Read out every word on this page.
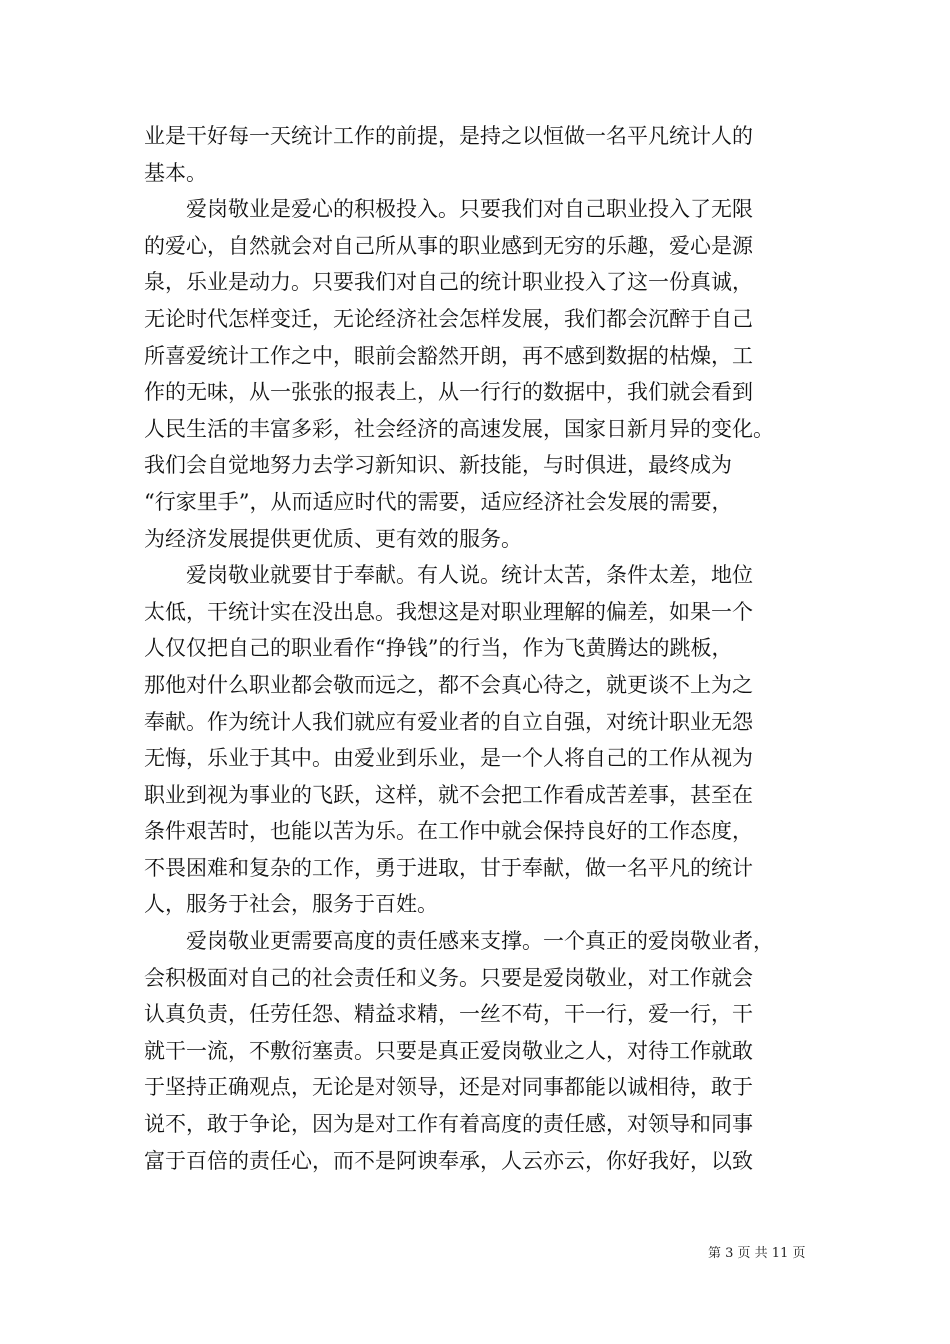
业是干好每一天统计工作的前提，是持之以恒做一名平凡统计人的
基本。
　　爱岗敬业是爱心的积极投入。只要我们对自己职业投入了无限
的爱心，自然就会对自己所从事的职业感到无穷的乐趣，爱心是源
泉，乐业是动力。只要我们对自己的统计职业投入了这一份真诚，
无论时代怎样变迁，无论经济社会怎样发展，我们都会沉醉于自己
所喜爱统计工作之中，眼前会豁然开朗，再不感到数据的枯燥，工
作的无味，从一张张的报表上，从一行行的数据中，我们就会看到
人民生活的丰富多彩，社会经济的高速发展，国家日新月异的变化。
我们会自觉地努力去学习新知识、新技能，与时俱进，最终成为
“行家里手”，从而适应时代的需要，适应经济社会发展的需要，
为经济发展提供更优质、更有效的服务。
　　爱岗敬业就要甘于奉献。有人说。统计太苦，条件太差，地位
太低，干统计实在没出息。我想这是对职业理解的偏差，如果一个
人仅仅把自己的职业看作“挣钱”的行当，作为飞黄腾达的跳板，
那他对什么职业都会敬而远之，都不会真心待之，就更谈不上为之
奉献。作为统计人我们就应有爱业者的自立自强，对统计职业无怨
无悔，乐业于其中。由爱业到乐业，是一个人将自己的工作从视为
职业到视为事业的飞跃，这样，就不会把工作看成苦差事，甚至在
条件艰苦时，也能以苦为乐。在工作中就会保持良好的工作态度，
不畏困难和复杂的工作，勇于进取，甘于奉献，做一名平凡的统计
人，服务于社会，服务于百姓。
　　爱岗敬业更需要高度的责任感来支撑。一个真正的爱岗敬业者，
会积极面对自己的社会责任和义务。只要是爱岗敬业，对工作就会
认真负责，任劳任怨、精益求精，一丝不苟，干一行，爱一行，干
就干一流，不敷衍塞责。只要是真正爱岗敬业之人，对待工作就敢
于坚持正确观点，无论是对领导，还是对同事都能以诚相待，敢于
说不，敢于争论，因为是对工作有着高度的责任感，对领导和同事
富于百倍的责任心，而不是阿谀奉承，人云亦云，你好我好，以致
第 3 页 共 11 页
